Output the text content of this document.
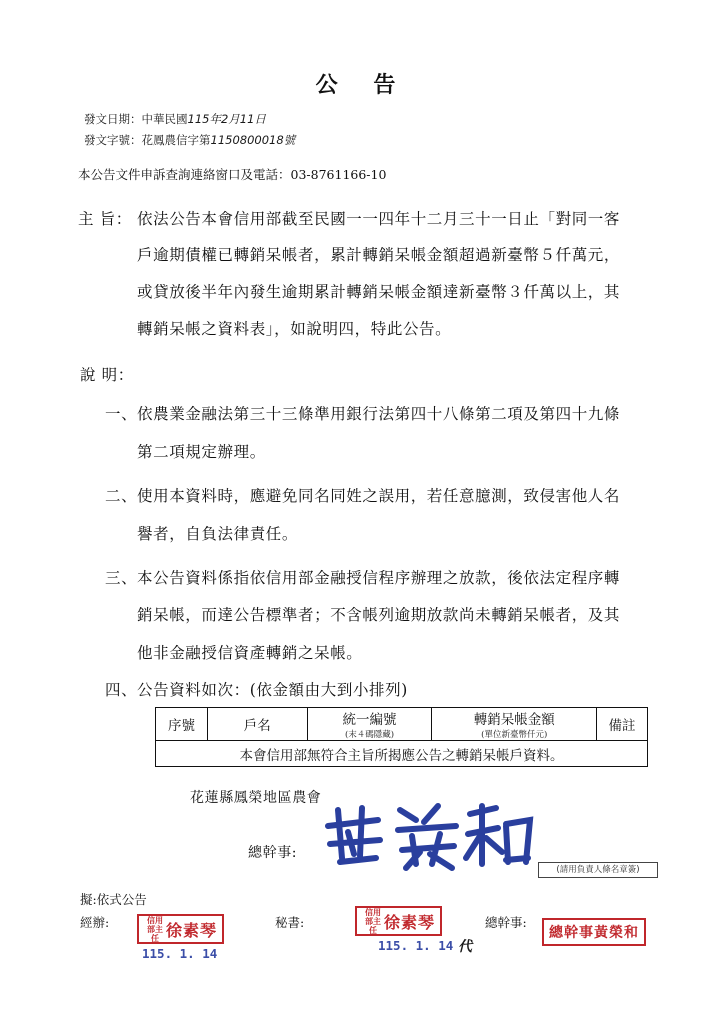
公 告
發文日期：中華民國115年2月11日
發文字號：花鳳農信字第1150800018號
本公告文件申訴查詢連絡窗口及電話：03-8761166-10
主 旨： 依法公告本會信用部截至民國一一四年十二月三十一日止「對同一客
戶逾期債權已轉銷呆帳者，累計轉銷呆帳金額超過新臺幣５仟萬元，
或貸放後半年內發生逾期累計轉銷呆帳金額達新臺幣３仟萬以上，其
轉銷呆帳之資料表」，如說明四，特此公告。
說 明：
一、 依農業金融法第三十三條準用銀行法第四十八條第二項及第四十九條
第二項規定辦理。
二、 使用本資料時，應避免同名同姓之誤用，若任意臆測，致侵害他人名
譽者，自負法律責任。
三、 本公告資料係指依信用部金融授信程序辦理之放款，後依法定程序轉
銷呆帳，而達公告標準者；不含帳列逾期放款尚未轉銷呆帳者，及其
他非金融授信資產轉銷之呆帳。
四、 公告資料如次：(依金額由大到小排列)
序號	戶名	統一編號
(末４碼隱藏)
	轉銷呆帳金額
(單位新臺幣仟元)
	備註
本會信用部無符合主旨所揭應公告之轉銷呆帳戶資料。
花蓮縣鳳榮地區農會
總幹事:
(請用負責人條名章簽)
擬:依式公告
經辦:	秘書:	總幹事:
信用部主任 徐素琴
115. 1. 14
信用部主任 徐素琴
115. 1. 14 代
總幹事黃榮和
